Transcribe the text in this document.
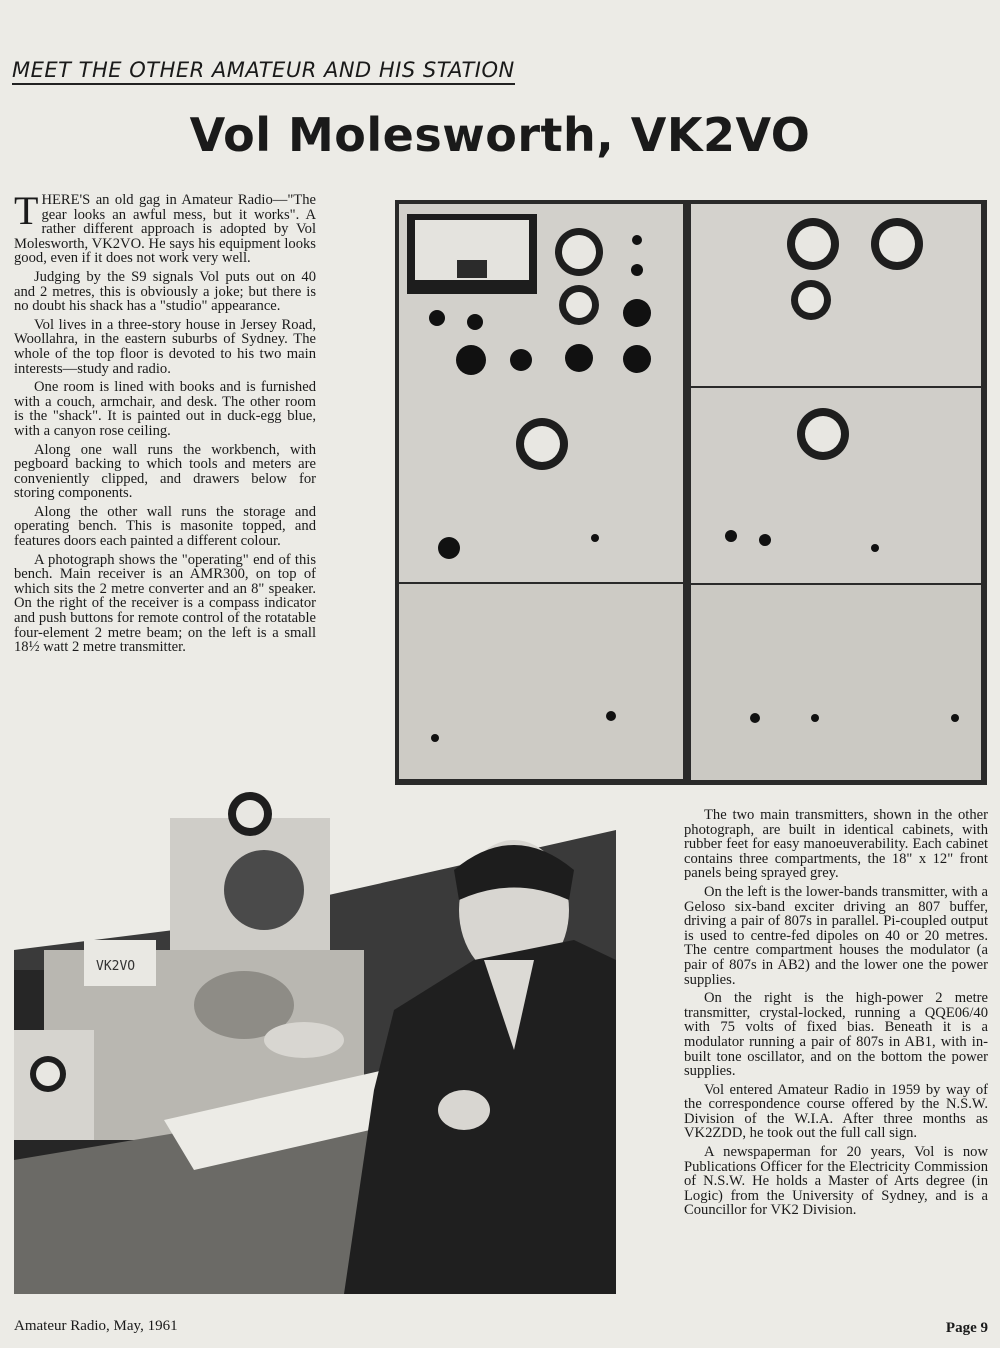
MEET THE OTHER AMATEUR AND HIS STATION
Vol Molesworth, VK2VO

THERE'S an old gag in Amateur Radio—"The gear looks an awful mess, but it works". A rather different approach is adopted by Vol Molesworth, VK2VO. He says his equipment looks good, even if it does not work very well.

Judging by the S9 signals Vol puts out on 40 and 2 metres, this is obviously a joke; but there is no doubt his shack has a "studio" appearance.

Vol lives in a three-story house in Jersey Road, Woollahra, in the eastern suburbs of Sydney. The whole of the top floor is devoted to his two main interests—study and radio.

One room is lined with books and is furnished with a couch, armchair, and desk. The other room is the "shack". It is painted out in duck-egg blue, with a canyon rose ceiling.

Along one wall runs the workbench, with pegboard backing to which tools and meters are conveniently clipped, and drawers below for storing components.

Along the other wall runs the storage and operating bench. This is masonite topped, and features doors each painted a different colour.

A photograph shows the "operating" end of this bench. Main receiver is an AMR300, on top of which sits the 2 metre converter and an 8" speaker. On the right of the receiver is a compass indicator and push buttons for remote control of the rotatable four-element 2 metre beam; on the left is a small 18½ watt 2 metre transmitter.

VK2VO

The two main transmitters, shown in the other photograph, are built in identical cabinets, with rubber feet for easy manoeuverability. Each cabinet contains three compartments, the 18" x 12" front panels being sprayed grey.

On the left is the lower-bands transmitter, with a Geloso six-band exciter driving an 807 buffer, driving a pair of 807s in parallel. Pi-coupled output is used to centre-fed dipoles on 40 or 20 metres. The centre compartment houses the modulator (a pair of 807s in AB2) and the lower one the power supplies.

On the right is the high-power 2 metre transmitter, crystal-locked, running a QQE06/40 with 75 volts of fixed bias. Beneath it is a modulator running a pair of 807s in AB1, with in-built tone oscillator, and on the bottom the power supplies.

Vol entered Amateur Radio in 1959 by way of the correspondence course offered by the N.S.W. Division of the W.I.A. After three months as VK2ZDD, he took out the full call sign.

A newspaperman for 20 years, Vol is now Publications Officer for the Electricity Commission of N.S.W. He holds a Master of Arts degree (in Logic) from the University of Sydney, and is a Councillor for VK2 Division.

Amateur Radio, May, 1961	Page 9
